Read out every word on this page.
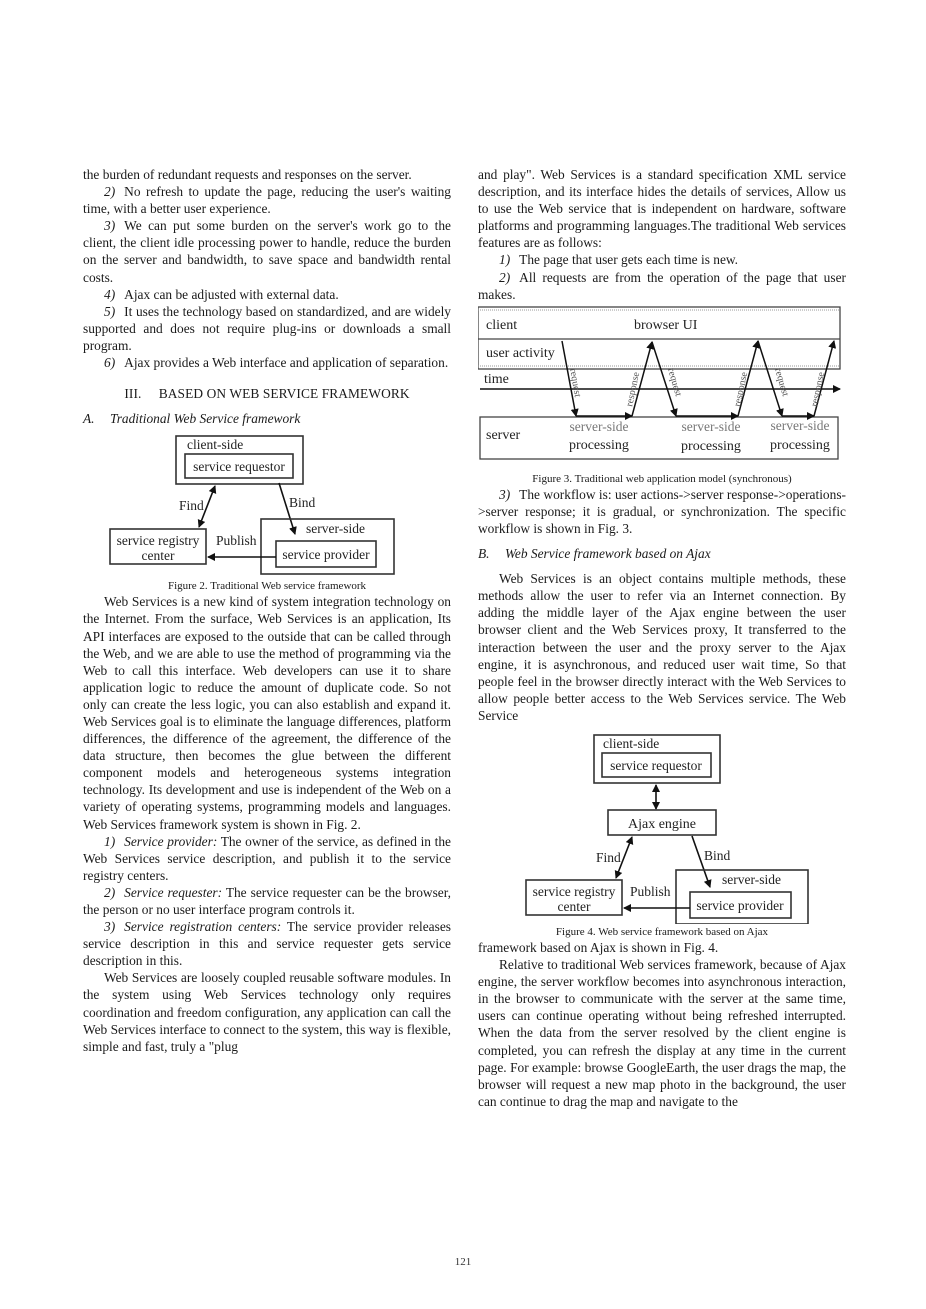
the burden of redundant requests and responses on the server.

2) No refresh to update the page, reducing the user's waiting time, with a better user experience.

3) We can put some burden on the server's work go to the client, the client idle processing power to handle, reduce the burden on the server and bandwidth, to save space and bandwidth rental costs.

4) Ajax can be adjusted with external data.

5) It uses the technology based on standardized, and are widely supported and does not require plug-ins or downloads a small program.

6) Ajax provides a Web interface and application of separation.

III. BASED ON WEB SERVICE FRAMEWORK
A. Traditional Web Service framework
client-side
service requestor
Find	Bind
service registry
center
server-side
service provider
Publish
Figure 2. Traditional Web service framework

Web Services is a new kind of system integration technology on the Internet. From the surface, Web Services is an application, Its API interfaces are exposed to the outside that can be called through the Web, and we are able to use the method of programming via the Web to call this interface. Web developers can use it to share application logic to reduce the amount of duplicate code. So not only can create the less logic, you can also establish and expand it. Web Services goal is to eliminate the language differences, platform differences, the difference of the agreement, the difference of the data structure, then becomes the glue between the different component models and heterogeneous systems integration technology. Its development and use is independent of the Web on a variety of operating systems, programming models and languages. Web Services framework system is shown in Fig. 2.

1) Service provider: The owner of the service, as defined in the Web Services service description, and publish it to the service registry centers.

2) Service requester: The service requester can be the browser, the person or no user interface program controls it.

3) Service registration centers: The service provider releases service description in this and service requester gets service description in this.

Web Services are loosely coupled reusable software modules. In the system using Web Services technology only requires coordination and freedom configuration, any application can call the Web Services interface to connect to the system, this way is flexible, simple and fast, truly a "plug

and play". Web Services is a standard specification XML service description, and its interface hides the details of services, Allow us to use the Web service that is independent on hardware, software platforms and programming languages.The traditional Web services features are as follows:

1) The page that user gets each time is new.

2) All requests are from the operation of the page that user makes.

client	browser UI
user activity
time
server
request	response request	response request response
server-side
processing
server-side
processing
server-side
processing
Figure 3. Traditional web application model (synchronous)

3) The workflow is: user actions->server response->operations->server response; it is gradual, or synchronization. The specific workflow is shown in Fig. 3.

B. Web Service framework based on Ajax

Web Services is an object contains multiple methods, these methods allow the user to refer via an Internet connection. By adding the middle layer of the Ajax engine between the user browser client and the Web Services proxy, It transferred to the interaction between the user and the proxy server to the Ajax engine, it is asynchronous, and reduced user wait time, So that people feel in the browser directly interact with the Web Services to allow people better access to the Web Services service. The Web Service

client-side
service requestor
Ajax engine
Find	Bind
service registry
center
server-side
service provider
Publish
Figure 4. Web service framework based on Ajax

framework based on Ajax is shown in Fig. 4.

Relative to traditional Web services framework, because of Ajax engine, the server workflow becomes into asynchronous interaction, in the browser to communicate with the server at the same time, users can continue operating without being refreshed interrupted. When the data from the server resolved by the client engine is completed, you can refresh the display at any time in the current page. For example: browse GoogleEarth, the user drags the map, the browser will request a new map photo in the background, the user can continue to drag the map and navigate to the

121
